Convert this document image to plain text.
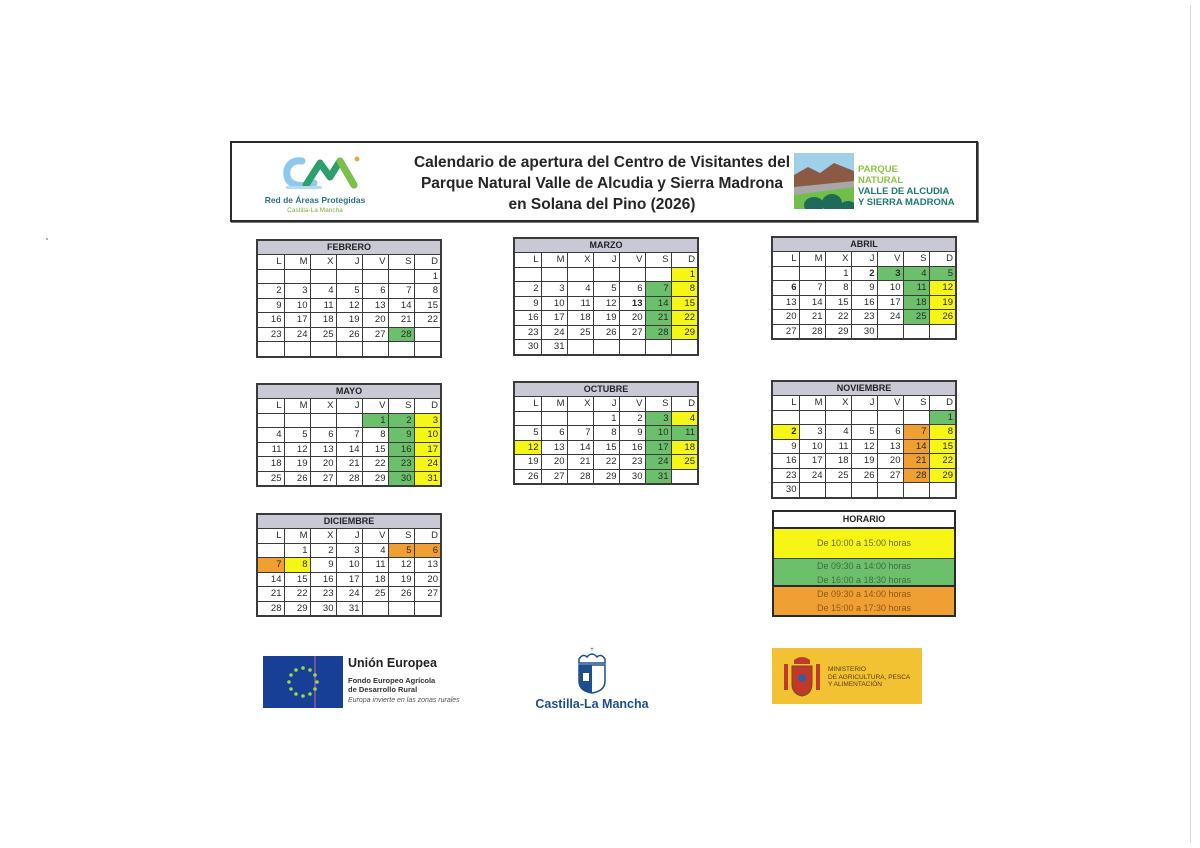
Red de Áreas Protegidas
Castilla-La Mancha
Calendario de apertura del Centro de Visitantes del
Parque Natural Valle de Alcudia y Sierra Madrona
en Solana del Pino (2026)
PARQUE
NATURAL
VALLE DE ALCUDIA
Y SIERRA MADRONA
FEBRERO
L	M	X	J	V	S	D
						1
2	3	4	5	6	7	8
9	10	11	12	13	14	15
16	17	18	19	20	21	22
23	24	25	26	27	28	

MARZO
L	M	X	J	V	S	D
						1
2	3	4	5	6	7	8
9	10	11	12	13	14	15
16	17	18	19	20	21	22
23	24	25	26	27	28	29
30	31					
ABRIL
L	M	X	J	V	S	D
		1	2	3	4	5
6	7	8	9	10	11	12
13	14	15	16	17	18	19
20	21	22	23	24	25	26
27	28	29	30			
MAYO
L	M	X	J	V	S	D
				1	2	3
4	5	6	7	8	9	10
11	12	13	14	15	16	17
18	19	20	21	22	23	24
25	26	27	28	29	30	31
OCTUBRE
L	M	X	J	V	S	D
			1	2	3	4
5	6	7	8	9	10	11
12	13	14	15	16	17	18
19	20	21	22	23	24	25
26	27	28	29	30	31	
NOVIEMBRE
L	M	X	J	V	S	D
						1
2	3	4	5	6	7	8
9	10	11	12	13	14	15
16	17	18	19	20	21	22
23	24	25	26	27	28	29
30						
DICIEMBRE
L	M	X	J	V	S	D
	1	2	3	4	5	6
7	8	9	10	11	12	13
14	15	16	17	18	19	20
21	22	23	24	25	26	27
28	29	30	31			
HORARIO
De 10:00 a 15:00 horas
De 09:30 a 14:00 horas
De 16:00 a 18:30 horas
De 09:30 a 14:00 horas
De 15:00 a 17:30 horas
Unión Europea
Fondo Europeo Agrícola
de Desarrollo Rural
Europa invierte en las zonas rurales
+
Castilla-La Mancha
MINISTERIO
DE AGRICULTURA, PESCA
Y ALIMENTACIÓN
